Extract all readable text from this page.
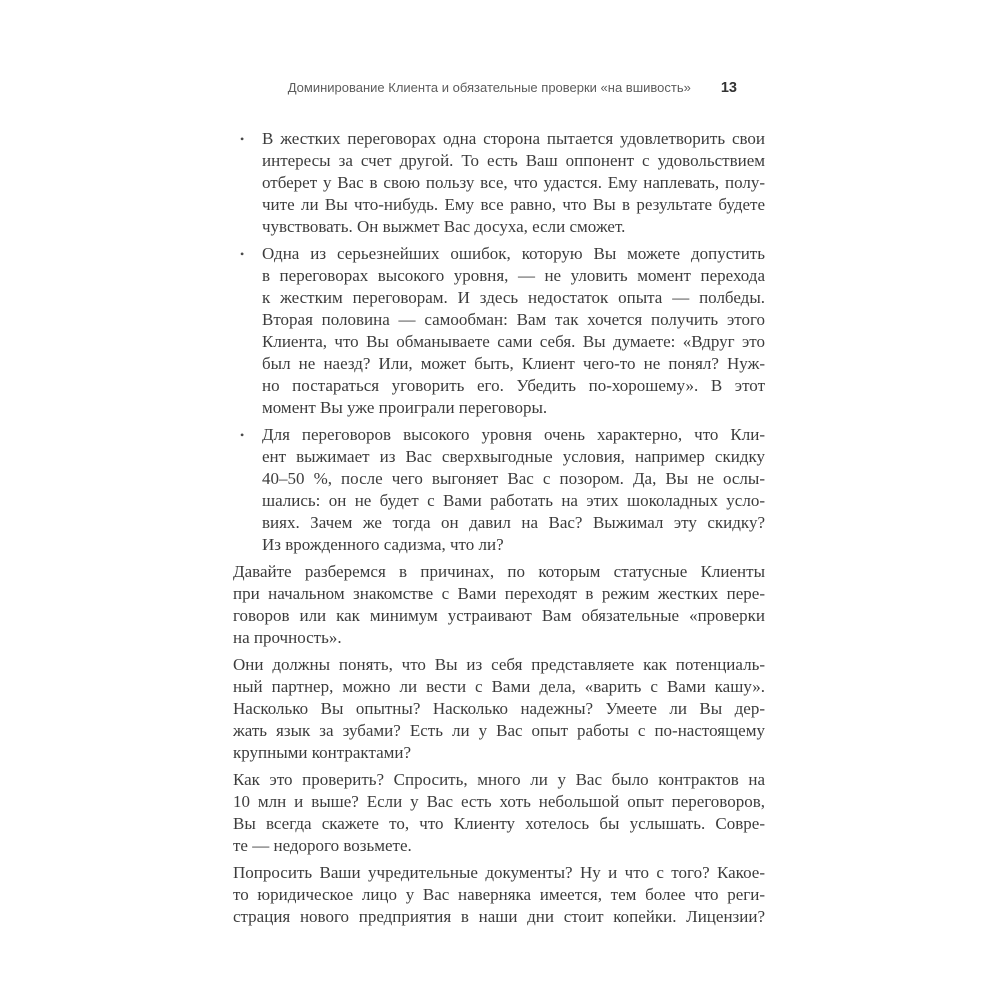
Доминирование Клиента и обязательные проверки «на вшивость» 13
•	В жестких переговорах одна сторона пытается удовлетворить свои
интересы за счет другой. То есть Ваш оппонент с удовольствием
отберет у Вас в свою пользу все, что удастся. Ему наплевать, полу-
чите ли Вы что-нибудь. Ему все равно, что Вы в результате будете
чувствовать. Он выжмет Вас досуха, если сможет.
•	Одна из серьезнейших ошибок, которую Вы можете допустить
в переговорах высокого уровня, — не уловить момент перехода
к жестким переговорам. И здесь недостаток опыта — полбеды.
Вторая половина — самообман: Вам так хочется получить этого
Клиента, что Вы обманываете сами себя. Вы думаете: «Вдруг это
был не наезд? Или, может быть, Клиент чего-то не понял? Нуж-
но постараться уговорить его. Убедить по-хорошему». В этот
момент Вы уже проиграли переговоры.
•	Для переговоров высокого уровня очень характерно, что Кли-
ент выжимает из Вас сверхвыгодные условия, например скидку
40–50 %, после чего выгоняет Вас с позором. Да, Вы не ослы-
шались: он не будет с Вами работать на этих шоколадных усло-
виях. Зачем же тогда он давил на Вас? Выжимал эту скидку?
Из врожденного садизма, что ли?
Давайте разберемся в причинах, по которым статусные Клиенты
при начальном знакомстве с Вами переходят в режим жестких пере-
говоров или как минимум устраивают Вам обязательные «проверки
на прочность».
Они должны понять, что Вы из себя представляете как потенциаль-
ный партнер, можно ли вести с Вами дела, «варить с Вами кашу».
Насколько Вы опытны? Насколько надежны? Умеете ли Вы дер-
жать язык за зубами? Есть ли у Вас опыт работы с по-настоящему
крупными контрактами?
Как это проверить? Спросить, много ли у Вас было контрактов на
10 млн и выше? Если у Вас есть хоть небольшой опыт переговоров,
Вы всегда скажете то, что Клиенту хотелось бы услышать. Совре-
те — недорого возьмете.
Попросить Ваши учредительные документы? Ну и что с того? Какое-
то юридическое лицо у Вас наверняка имеется, тем более что реги-
страция нового предприятия в наши дни стоит копейки. Лицензии?
